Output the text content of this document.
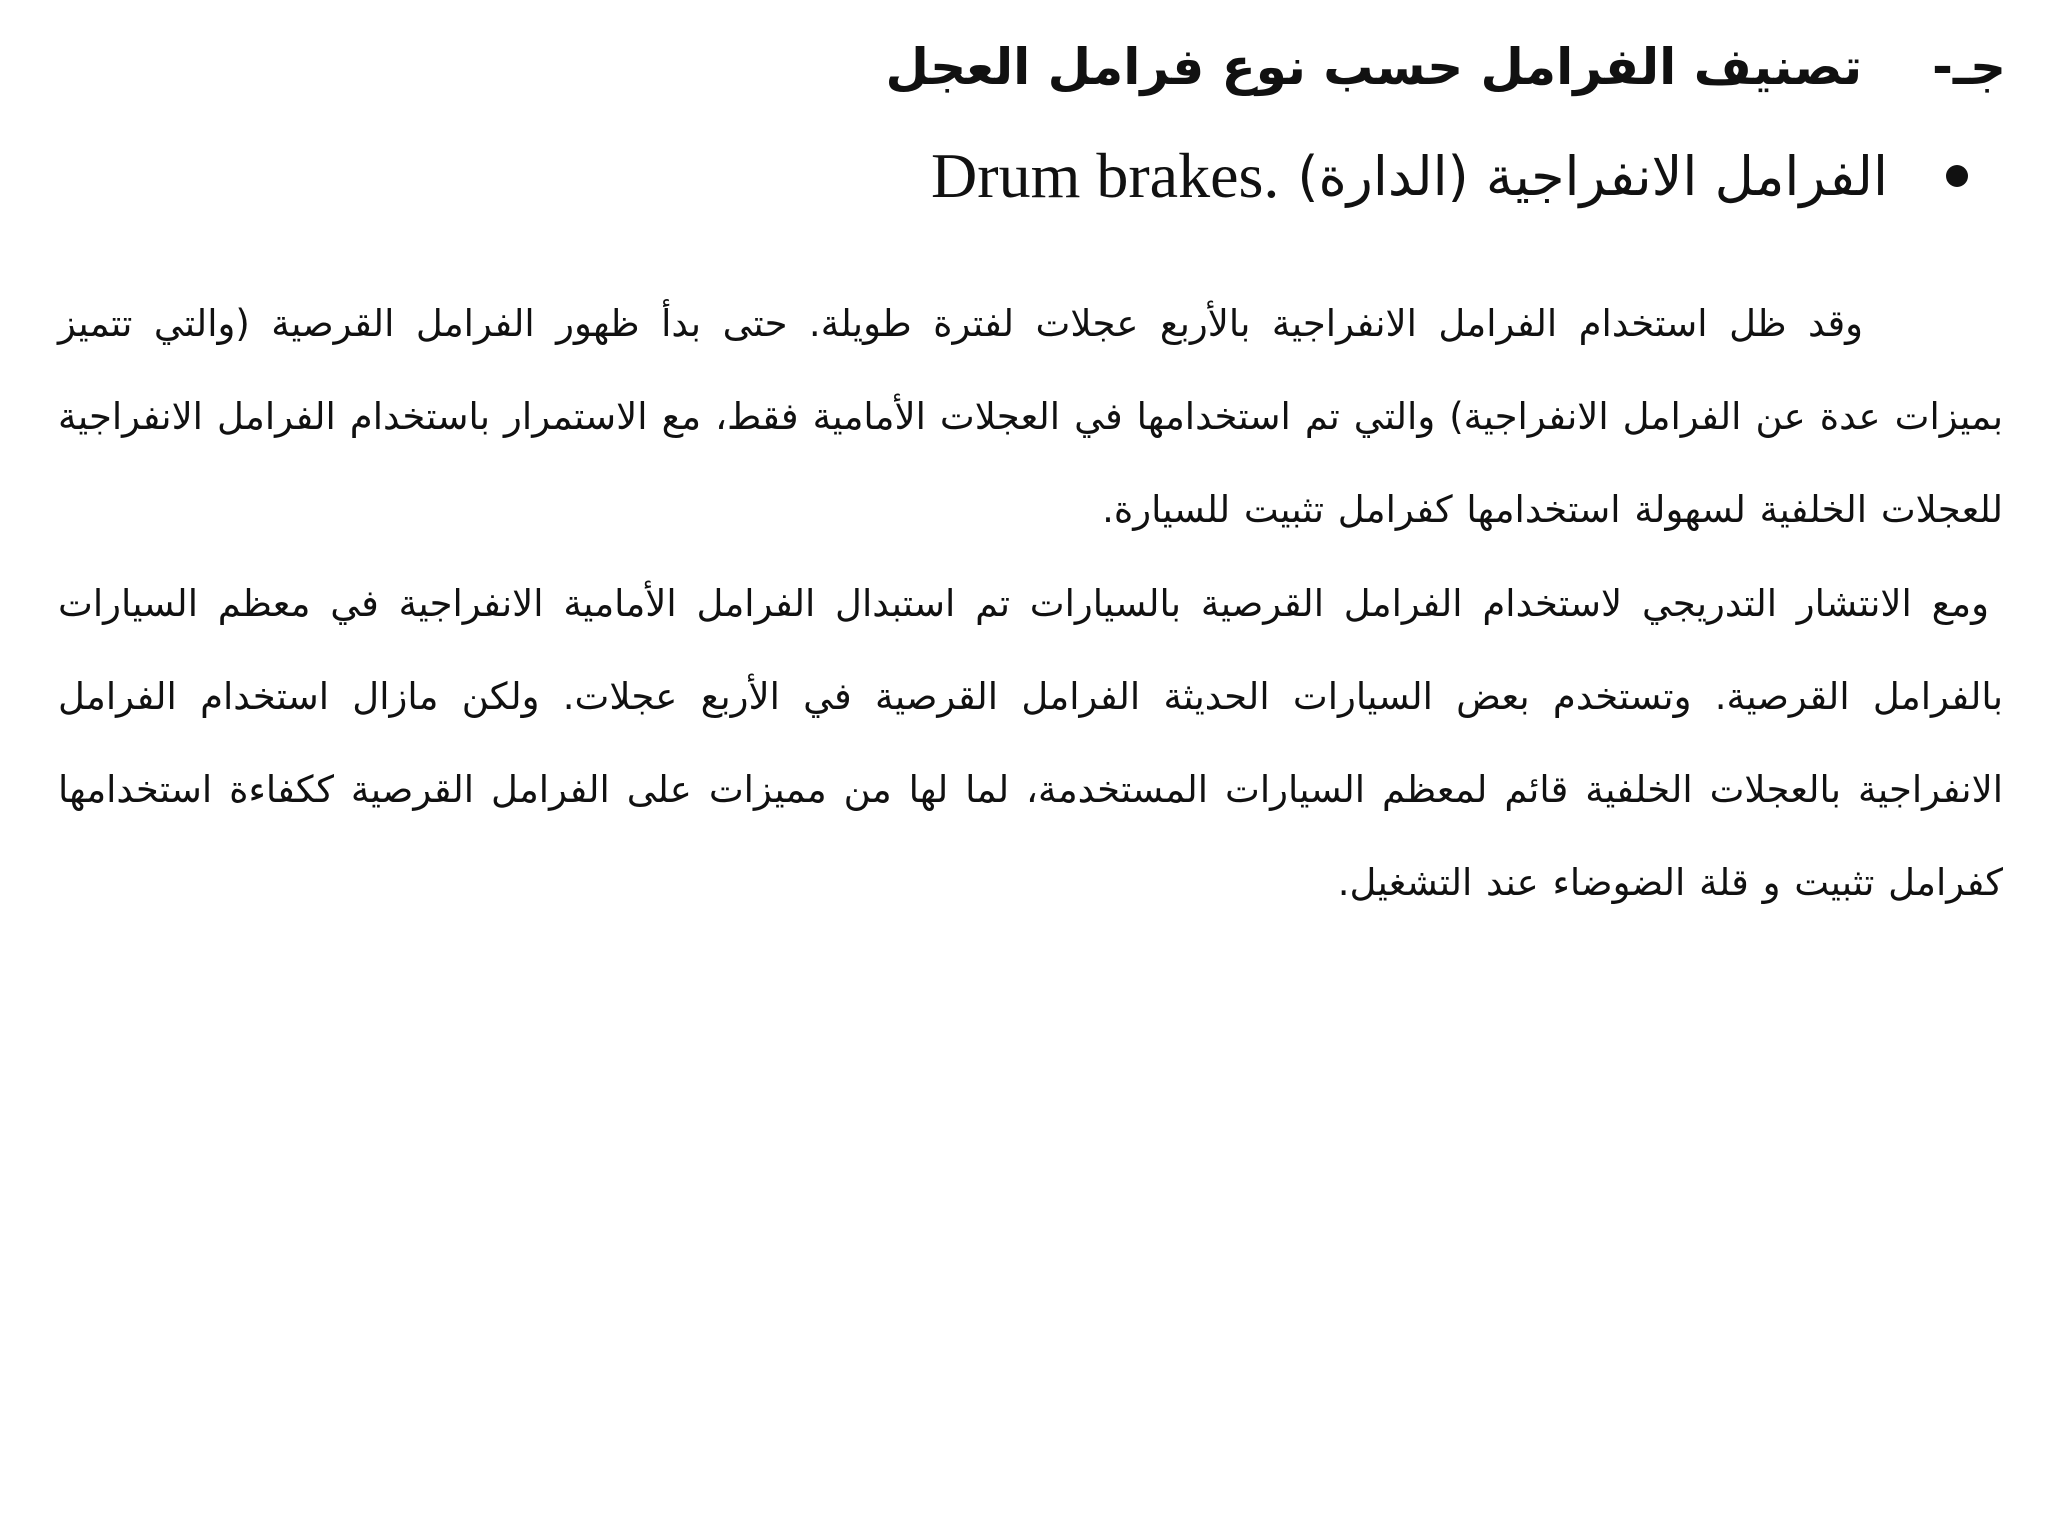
جـ-
تصنيف الفرامل حسب نوع فرامل العجل
الفرامل الانفراجية (الدارة)
Drum brakes.

وقد ظل استخدام الفرامل الانفراجية بالأربع عجلات لفترة طويلة. حتى بدأ ظهور الفرامل القرصية (والتي تتميز بميزات عدة عن الفرامل الانفراجية) والتي تم استخدامها في العجلات الأمامية فقط، مع الاستمرار باستخدام الفرامل الانفراجية للعجلات الخلفية لسهولة استخدامها كفرامل تثبيت للسيارة.

ومع الانتشار التدريجي لاستخدام الفرامل القرصية بالسيارات تم استبدال الفرامل الأمامية الانفراجية في معظم السيارات بالفرامل القرصية. وتستخدم بعض السيارات الحديثة الفرامل القرصية في الأربع عجلات. ولكن مازال استخدام الفرامل الانفراجية بالعجلات الخلفية قائم لمعظم السيارات المستخدمة، لما لها من مميزات على الفرامل القرصية ككفاءة استخدامها كفرامل تثبيت و قلة الضوضاء عند التشغيل.
